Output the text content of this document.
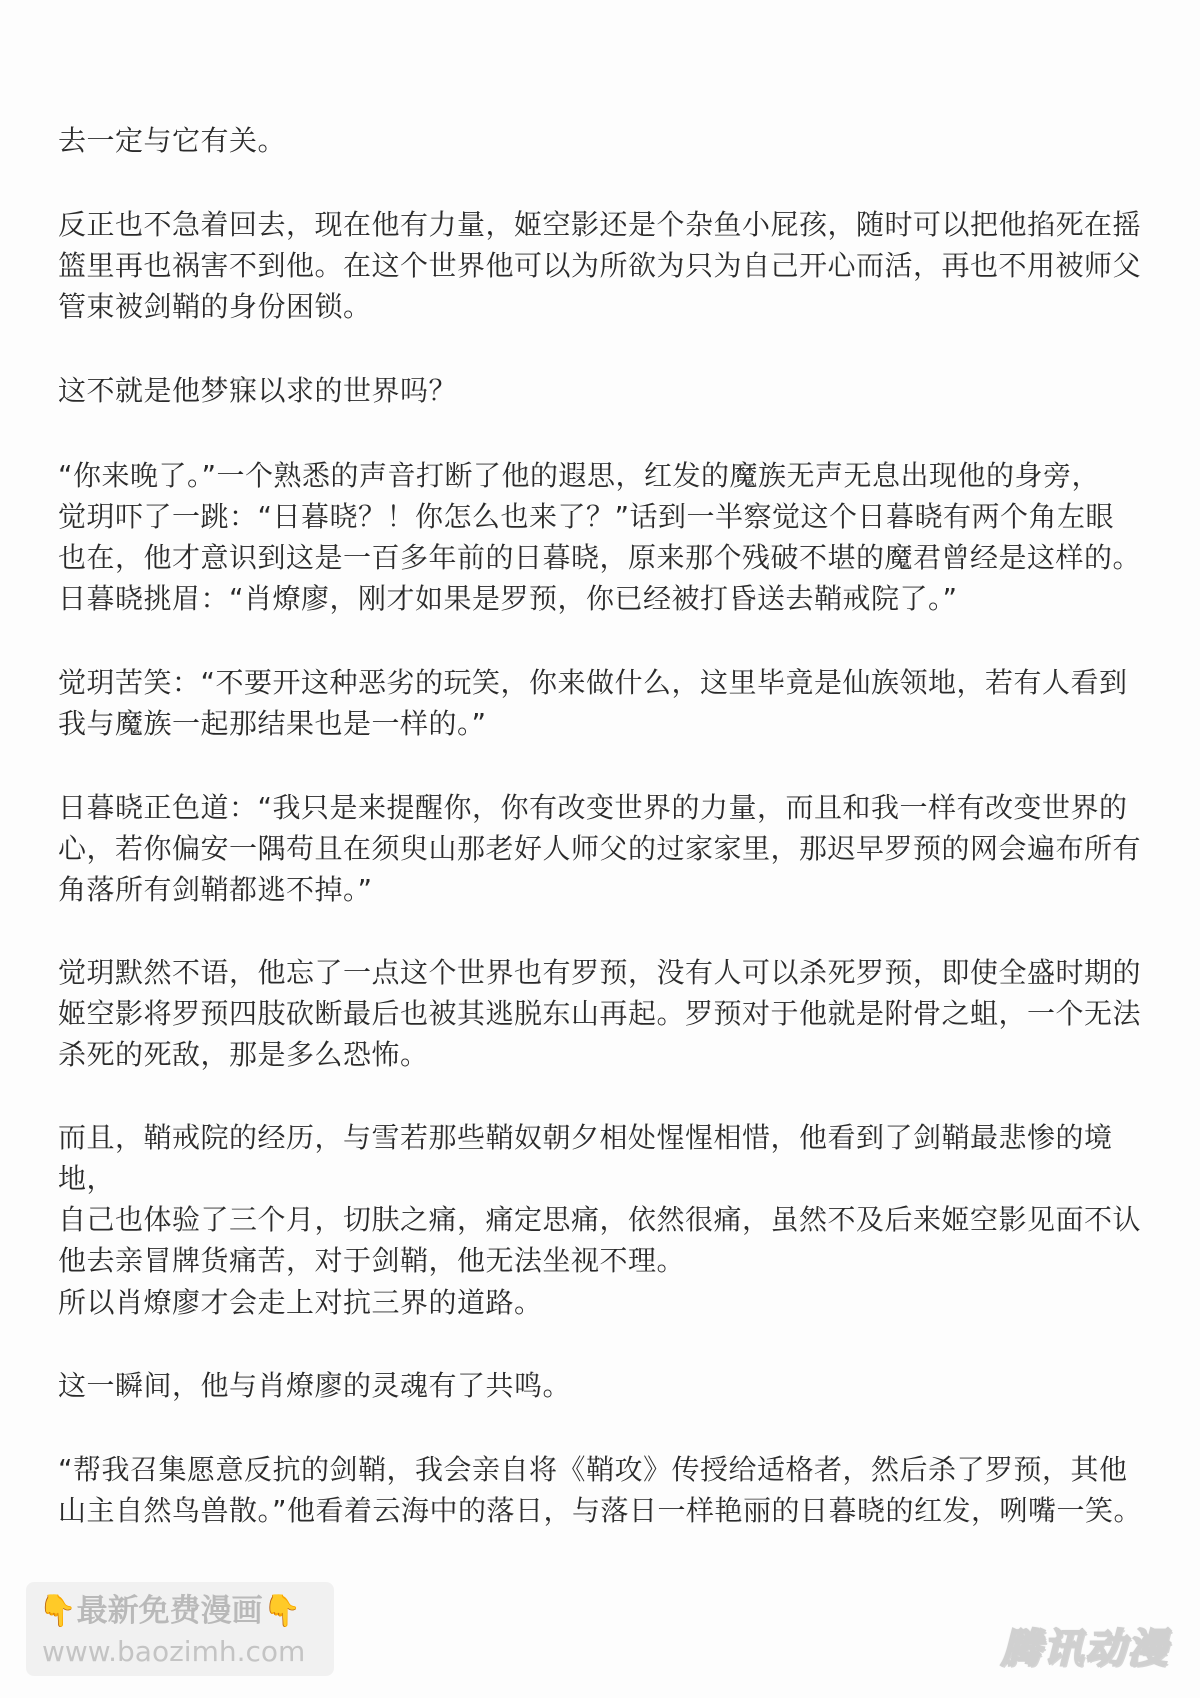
去一定与它有关。

反正也不急着回去，现在他有力量，姬空影还是个杂鱼小屁孩，随时可以把他掐死在摇
篮里再也祸害不到他。在这个世界他可以为所欲为只为自己开心而活，再也不用被师父
管束被剑鞘的身份困锁。

这不就是他梦寐以求的世界吗？

“你来晚了。”一个熟悉的声音打断了他的遐思，红发的魔族无声无息出现他的身旁，
觉玥吓了一跳：“日暮晓？！你怎么也来了？”话到一半察觉这个日暮晓有两个角左眼
也在，他才意识到这是一百多年前的日暮晓，原来那个残破不堪的魔君曾经是这样的。
日暮晓挑眉：“肖燎廖，刚才如果是罗预，你已经被打昏送去鞘戒院了。”

觉玥苦笑：“不要开这种恶劣的玩笑，你来做什么，这里毕竟是仙族领地，若有人看到
我与魔族一起那结果也是一样的。”

日暮晓正色道：“我只是来提醒你，你有改变世界的力量，而且和我一样有改变世界的
心，若你偏安一隅苟且在须臾山那老好人师父的过家家里，那迟早罗预的网会遍布所有
角落所有剑鞘都逃不掉。”

觉玥默然不语，他忘了一点这个世界也有罗预，没有人可以杀死罗预，即使全盛时期的
姬空影将罗预四肢砍断最后也被其逃脱东山再起。罗预对于他就是附骨之蛆，一个无法
杀死的死敌，那是多么恐怖。

而且，鞘戒院的经历，与雪若那些鞘奴朝夕相处惺惺相惜，他看到了剑鞘最悲惨的境地，
自己也体验了三个月，切肤之痛，痛定思痛，依然很痛，虽然不及后来姬空影见面不认
他去亲冒牌货痛苦，对于剑鞘，他无法坐视不理。

所以肖燎廖才会走上对抗三界的道路。

这一瞬间，他与肖燎廖的灵魂有了共鸣。

“帮我召集愿意反抗的剑鞘，我会亲自将《鞘攻》传授给适格者，然后杀了罗预，其他
山主自然鸟兽散。”他看着云海中的落日，与落日一样艳丽的日暮晓的红发，咧嘴一笑。

👇最新免费漫画👇
www.baozimh.com	腾讯动漫
